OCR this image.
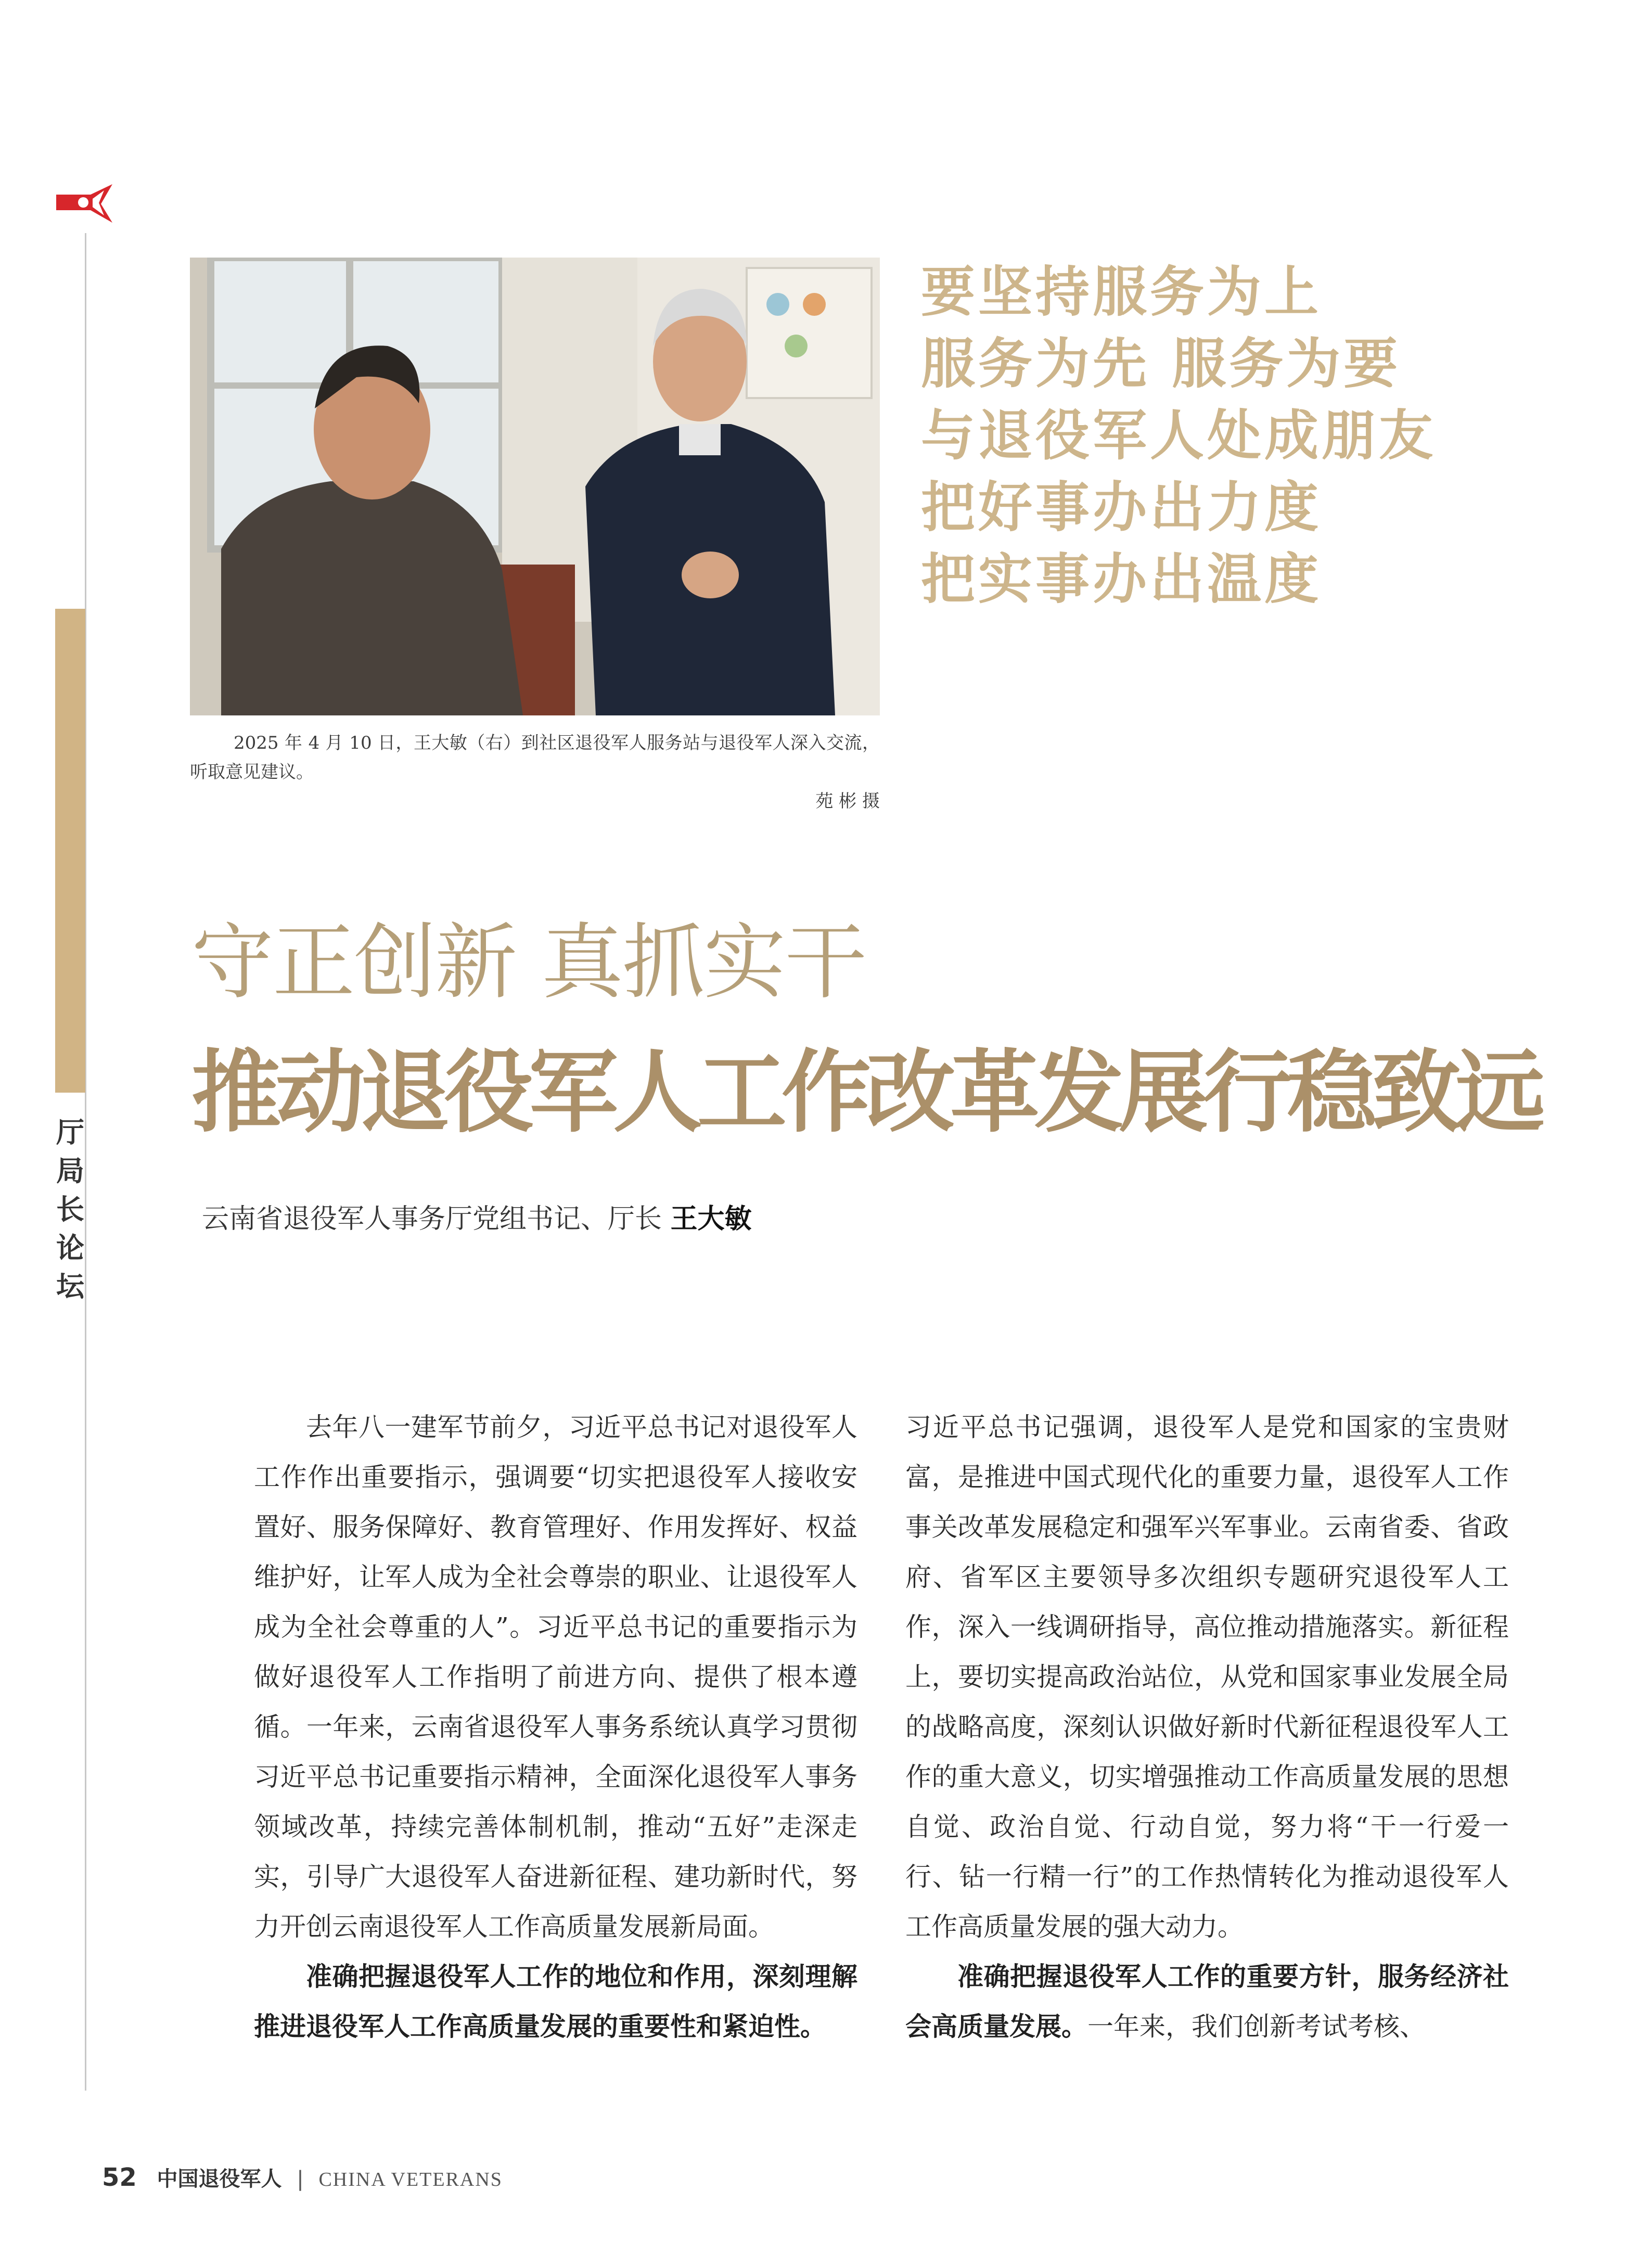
厅局长论坛
2025 年 4 月 10 日，王大敏（右）到社区退役军人服务站与退役军人深入交流，听取意见建议。
苑 彬 摄
要坚持服务为上
服务为先 服务为要
与退役军人处成朋友
把好事办出力度
把实事办出温度
守正创新 真抓实干
推动退役军人工作改革发展行稳致远
云南省退役军人事务厅党组书记、厅长 王大敏

去年八一建军节前夕，习近平总书记对退役军人工作作出重要指示，强调要“切实把退役军人接收安置好、服务保障好、教育管理好、作用发挥好、权益维护好，让军人成为全社会尊崇的职业、让退役军人成为全社会尊重的人”。习近平总书记的重要指示为做好退役军人工作指明了前进方向、提供了根本遵循。一年来，云南省退役军人事务系统认真学习贯彻习近平总书记重要指示精神，全面深化退役军人事务领域改革，持续完善体制机制，推动“五好”走深走实，引导广大退役军人奋进新征程、建功新时代，努力开创云南退役军人工作高质量发展新局面。

准确把握退役军人工作的地位和作用，深刻理解推进退役军人工作高质量发展的重要性和紧迫性。

习近平总书记强调，退役军人是党和国家的宝贵财富，是推进中国式现代化的重要力量，退役军人工作事关改革发展稳定和强军兴军事业。云南省委、省政府、省军区主要领导多次组织专题研究退役军人工作，深入一线调研指导，高位推动措施落实。新征程上，要切实提高政治站位，从党和国家事业发展全局的战略高度，深刻认识做好新时代新征程退役军人工作的重大意义，切实增强推动工作高质量发展的思想自觉、政治自觉、行动自觉，努力将“干一行爱一行、钻一行精一行”的工作热情转化为推动退役军人工作高质量发展的强大动力。

准确把握退役军人工作的重要方针，服务经济社会高质量发展。一年来，我们创新考试考核、

52 中国退役军人 | CHINA VETERANS
